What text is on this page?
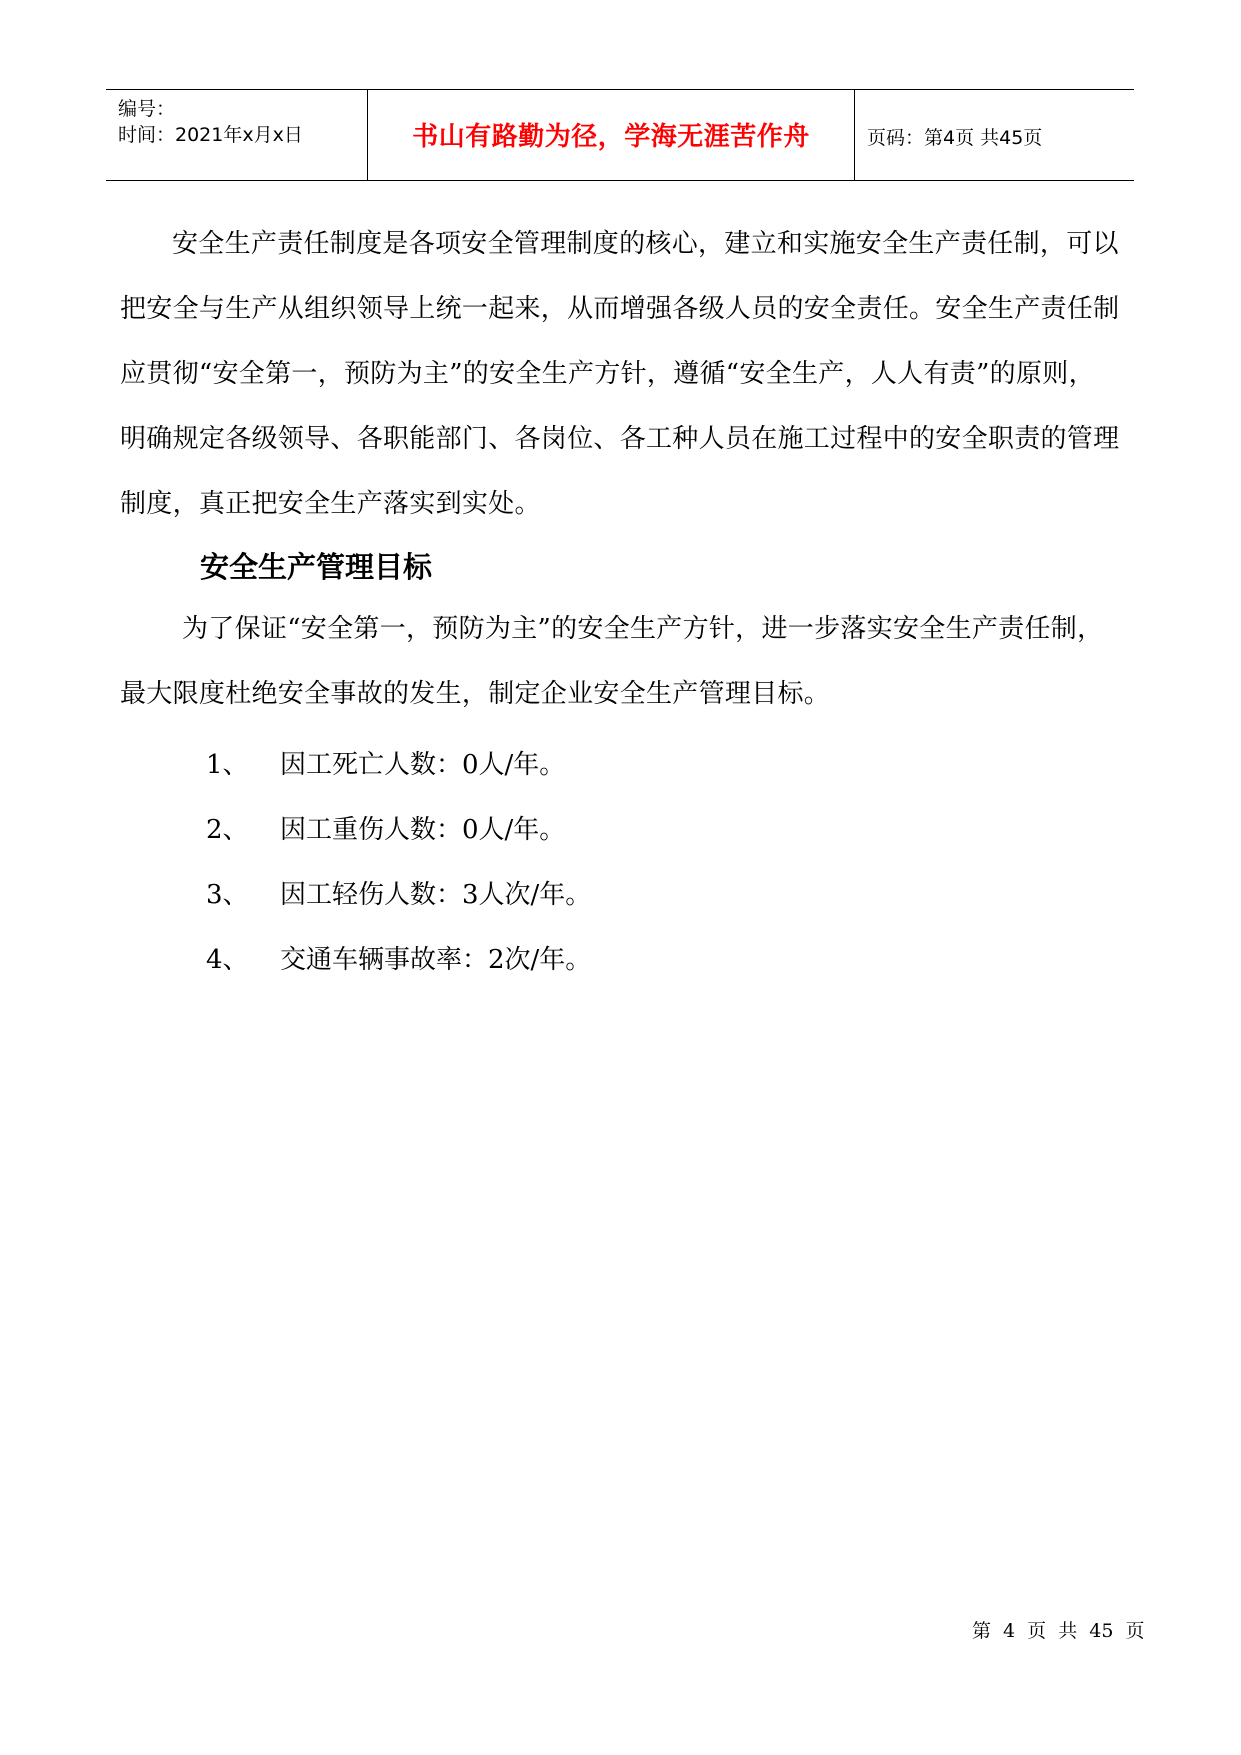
编号：
时间：2021年x月x日	书山有路勤为径，学海无涯苦作舟	页码：第4页 共45页

安全生产责任制度是各项安全管理制度的核心，建立和实施安全生产责任制，可以把安全与生产从组织领导上统一起来，从而增强各级人员的安全责任。安全生产责任制应贯彻“安全第一，预防为主”的安全生产方针，遵循“安全生产，人人有责”的原则，明确规定各级领导、各职能部门、各岗位、各工种人员在施工过程中的安全职责的管理制度，真正把安全生产落实到实处。

安全生产管理目标

为了保证“安全第一，预防为主”的安全生产方针，进一步落实安全生产责任制，最大限度杜绝安全事故的发生，制定企业安全生产管理目标。

1、 因工死亡人数：0人/年。
2、 因工重伤人数：0人/年。
3、 因工轻伤人数：3人次/年。
4、 交通车辆事故率：2次/年。
第 4 页 共 45 页
